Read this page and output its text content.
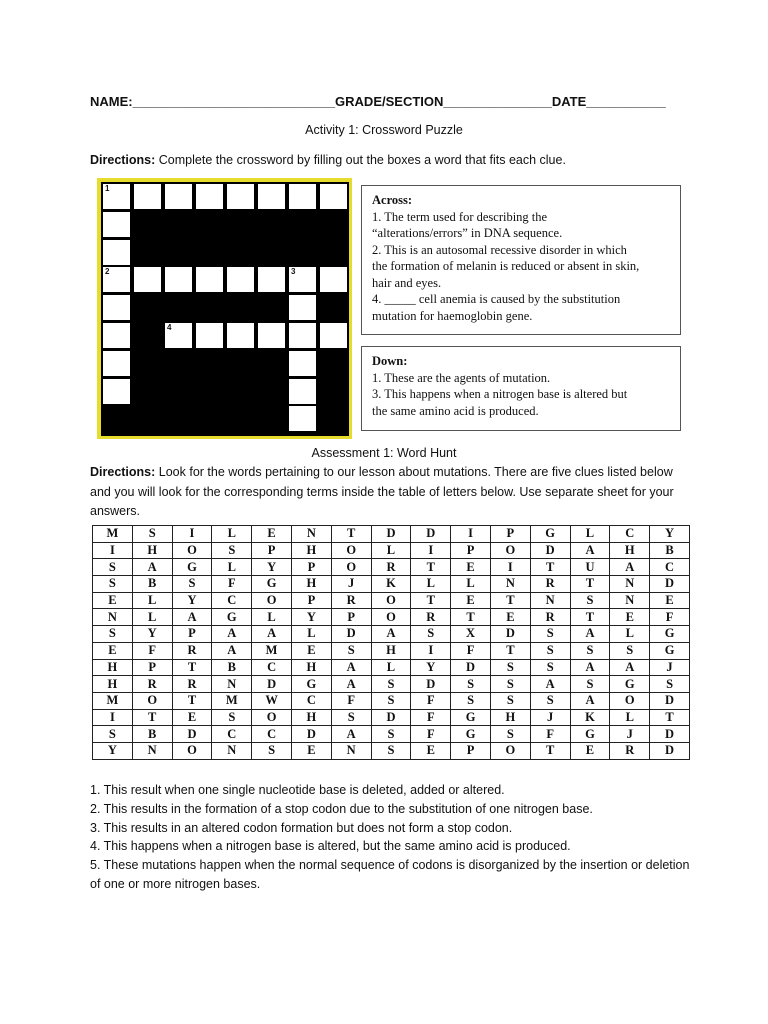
NAME:____________________________GRADE/SECTION_______________DATE___________
Activity 1: Crossword Puzzle
Directions: Complete the crossword by filling out the boxes a word that fits each clue.
1
2	3
4
Across:
1. The term used for describing the
“alterations/errors” in DNA sequence.
2. This is an autosomal recessive disorder in which
the formation of melanin is reduced or absent in skin,
hair and eyes.
4. _____ cell anemia is caused by the substitution
mutation for haemoglobin gene.
Down:
1. These are the agents of mutation.
3. This happens when a nitrogen base is altered but
the same amino acid is produced.
Assessment 1: Word Hunt
Directions: Look for the words pertaining to our lesson about mutations. There are five clues listed below and you will look for the corresponding terms inside the table of letters below. Use separate sheet for your answers.
M	S	I	L	E	N	T	D	D	I	P	G	L	C	Y
I	H	O	S	P	H	O	L	I	P	O	D	A	H	B
S	A	G	L	Y	P	O	R	T	E	I	T	U	A	C
S	B	S	F	G	H	J	K	L	L	N	R	T	N	D
E	L	Y	C	O	P	R	O	T	E	T	N	S	N	E
N	L	A	G	L	Y	P	O	R	T	E	R	T	E	F
S	Y	P	A	A	L	D	A	S	X	D	S	A	L	G
E	F	R	A	M	E	S	H	I	F	T	S	S	S	G
H	P	T	B	C	H	A	L	Y	D	S	S	A	A	J
H	R	R	N	D	G	A	S	D	S	S	A	S	G	S
M	O	T	M	W	C	F	S	F	S	S	S	A	O	D
I	T	E	S	O	H	S	D	F	G	H	J	K	L	T
S	B	D	C	C	D	A	S	F	G	S	F	G	J	D
Y	N	O	N	S	E	N	S	E	P	O	T	E	R	D
1. This result when one single nucleotide base is deleted, added or altered.
2. This results in the formation of a stop codon due to the substitution of one nitrogen base.
3. This results in an altered codon formation but does not form a stop codon.
4. This happens when a nitrogen base is altered, but the same amino acid is produced.
5. These mutations happen when the normal sequence of codons is disorganized by the insertion or deletion of one or more nitrogen bases.
